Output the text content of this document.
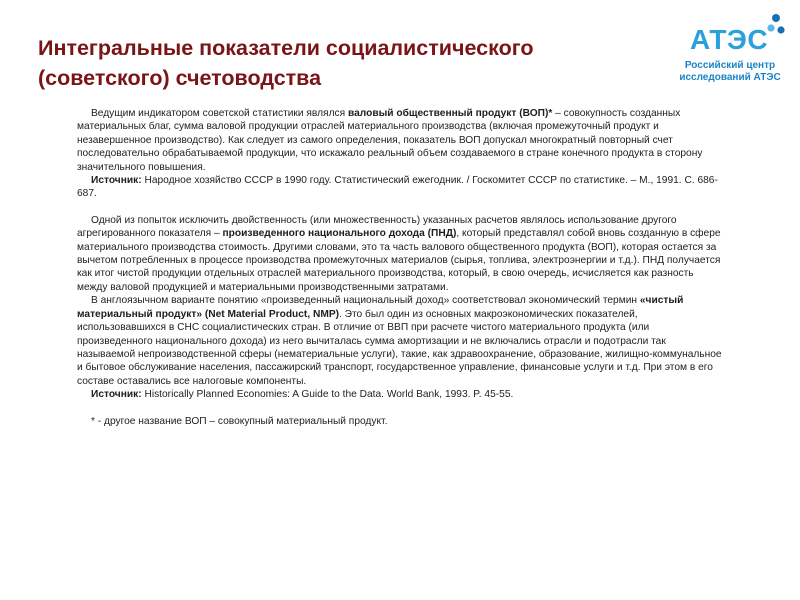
Интегральные показатели социалистического
(советского) счетоводства
АТЭС
Российский центр
исследований АТЭС

Ведущим индикатором советской статистики являлся валовый общественный продукт (ВОП)* – совокупность созданных материальных благ, сумма валовой продукции отраслей материального производства (включая промежуточный продукт и незавершенное производство). Как следует из самого определения, показатель ВОП допускал многократный повторный счет последовательно обрабатываемой продукции, что искажало реальный объем создаваемого в стране конечного продукта в сторону значительного повышения.

Источник: Народное хозяйство СССР в 1990 году. Статистический ежегодник. / Госкомитет СССР по статистике. – М., 1991. С. 686-687.

Одной из попыток исключить двойственность (или множественность) указанных расчетов являлось использование другого агрегированного показателя – произведенного национального дохода (ПНД), который представлял собой вновь созданную в сфере материального производства стоимость. Другими словами, это та часть валового общественного продукта (ВОП), которая остается за вычетом потребленных в процессе производства промежуточных материалов (сырья, топлива, электроэнергии и т.д.). ПНД получается как итог чистой продукции отдельных отраслей материального производства, который, в свою очередь, исчисляется как разность между валовой продукцией и материальными производственными затратами.

В англоязычном варианте понятию «произведенный национальный доход» соответствовал экономический термин «чистый материальный продукт» (Net Material Product, NMP). Это был один из основных макроэкономических показателей, использовавшихся в СНС социалистических стран. В отличие от ВВП при расчете чистого материального продукта (или произведенного национального дохода) из него вычиталась сумма амортизации и не включались отрасли и подотрасли так называемой непроизводственной сферы (нематериальные услуги), такие, как здравоохранение, образование, жилищно-коммунальное и бытовое обслуживание населения, пассажирский транспорт, государственное управление, финансовые услуги и т.д. При этом в его составе оставались все налоговые компоненты.

Источник: Historically Planned Economies: A Guide to the Data. World Bank, 1993. P. 45-55.

* - другое название ВОП – совокупный материальный продукт.
